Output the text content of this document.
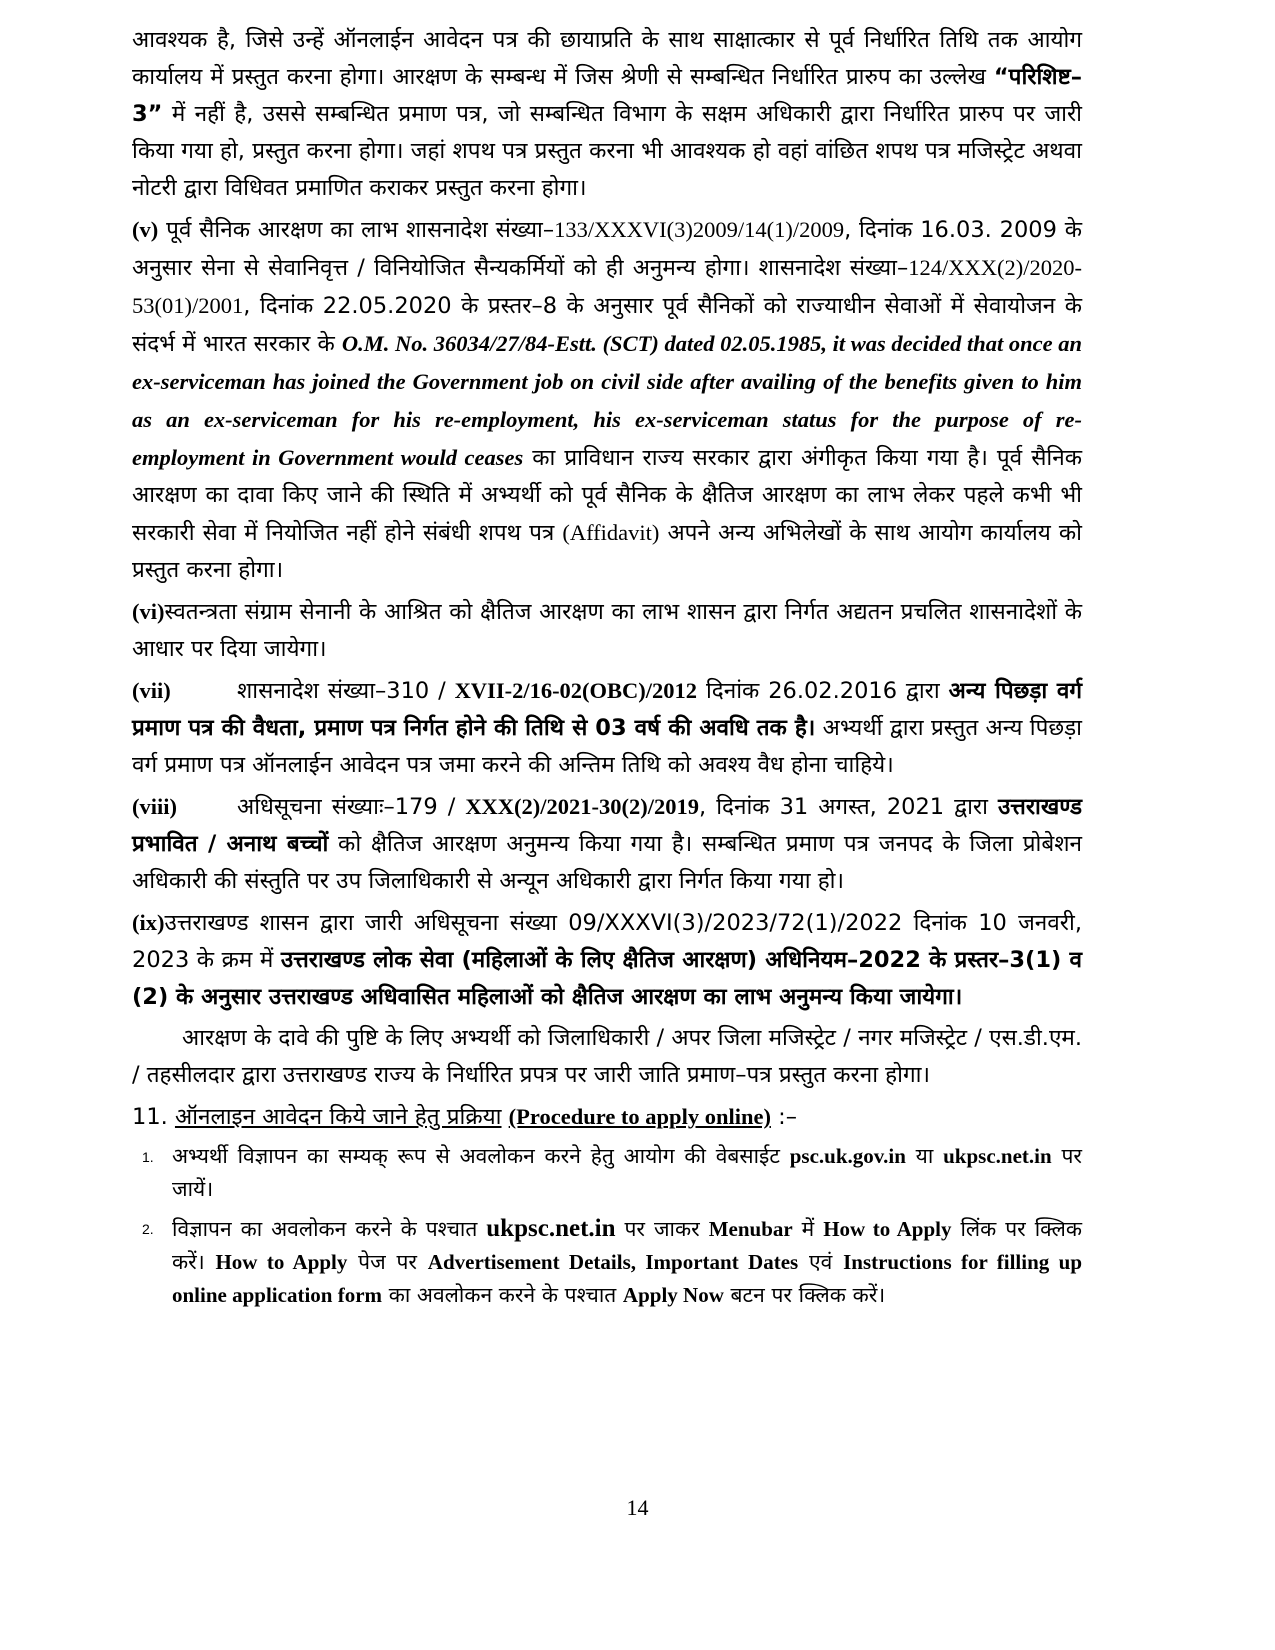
आवश्यक है, जिसे उन्हें ऑनलाईन आवेदन पत्र की छायाप्रति के साथ साक्षात्कार से पूर्व निर्धारित तिथि तक आयोग कार्यालय में प्रस्तुत करना होगा। आरक्षण के सम्बन्ध में जिस श्रेणी से सम्बन्धित निर्धारित प्रारुप का उल्लेख “परिशिष्ट–3” में नहीं है, उससे सम्बन्धित प्रमाण पत्र, जो सम्बन्धित विभाग के सक्षम अधिकारी द्वारा निर्धारित प्रारुप पर जारी किया गया हो, प्रस्तुत करना होगा। जहां शपथ पत्र प्रस्तुत करना भी आवश्यक हो वहां वांछित शपथ पत्र मजिस्ट्रेट अथवा नोटरी द्वारा विधिवत प्रमाणित कराकर प्रस्तुत करना होगा।

(v) पूर्व सैनिक आरक्षण का लाभ शासनादेश संख्या–133/XXXVI(3)2009/14(1)/2009, दिनांक 16.03. 2009 के अनुसार सेना से सेवानिवृत्त / विनियोजित सैन्यकर्मियों को ही अनुमन्य होगा। शासनादेश संख्या–124/XXX(2)/2020-53(01)/2001, दिनांक 22.05.2020 के प्रस्तर–8 के अनुसार पूर्व सैनिकों को राज्याधीन सेवाओं में सेवायोजन के संदर्भ में भारत सरकार के O.M. No. 36034/27/84-Estt. (SCT) dated 02.05.1985, it was decided that once an ex-serviceman has joined the Government job on civil side after availing of the benefits given to him as an ex-serviceman for his re-employment, his ex-serviceman status for the purpose of re-employment in Government would ceases का प्राविधान राज्य सरकार द्वारा अंगीकृत किया गया है। पूर्व सैनिक आरक्षण का दावा किए जाने की स्थिति में अभ्यर्थी को पूर्व सैनिक के क्षैतिज आरक्षण का लाभ लेकर पहले कभी भी सरकारी सेवा में नियोजित नहीं होने संबंधी शपथ पत्र (Affidavit) अपने अन्य अभिलेखों के साथ आयोग कार्यालय को प्रस्तुत करना होगा।

(vi)स्वतन्त्रता संग्राम सेनानी के आश्रित को क्षैतिज आरक्षण का लाभ शासन द्वारा निर्गत अद्यतन प्रचलित शासनादेशों के आधार पर दिया जायेगा।

(vii)	शासनादेश संख्या–310 / XVII-2/16-02(OBC)/2012 दिनांक 26.02.2016 द्वारा अन्य पिछड़ा वर्ग प्रमाण पत्र की वैधता, प्रमाण पत्र निर्गत होने की तिथि से 03 वर्ष की अवधि तक है। अभ्यर्थी द्वारा प्रस्तुत अन्य पिछड़ा वर्ग प्रमाण पत्र ऑनलाईन आवेदन पत्र जमा करने की अन्तिम तिथि को अवश्य वैध होना चाहिये।

(viii)	अधिसूचना संख्याः–179 / XXX(2)/2021-30(2)/2019, दिनांक 31 अगस्त, 2021 द्वारा उत्तराखण्ड प्रभावित / अनाथ बच्चों को क्षैतिज आरक्षण अनुमन्य किया गया है। सम्बन्धित प्रमाण पत्र जनपद के जिला प्रोबेशन अधिकारी की संस्तुति पर उप जिलाधिकारी से अन्यून अधिकारी द्वारा निर्गत किया गया हो।

(ix)उत्तराखण्ड शासन द्वारा जारी अधिसूचना संख्या 09/XXXVI(3)/2023/72(1)/2022 दिनांक 10 जनवरी, 2023 के क्रम में उत्तराखण्ड लोक सेवा (महिलाओं के लिए क्षैतिज आरक्षण) अधिनियम–2022 के प्रस्तर–3(1) व (2) के अनुसार उत्तराखण्ड अधिवासित महिलाओं को क्षैतिज आरक्षण का लाभ अनुमन्य किया जायेगा।

आरक्षण के दावे की पुष्टि के लिए अभ्यर्थी को जिलाधिकारी / अपर जिला मजिस्ट्रेट / नगर मजिस्ट्रेट / एस.डी.एम. / तहसीलदार द्वारा उत्तराखण्ड राज्य के निर्धारित प्रपत्र पर जारी जाति प्रमाण–पत्र प्रस्तुत करना होगा।

11. ऑनलाइन आवेदन किये जाने हेतु प्रक्रिया (Procedure to apply online) :–

1. अभ्यर्थी विज्ञापन का सम्यक् रूप से अवलोकन करने हेतु आयोग की वेबसाईट psc.uk.gov.in या ukpsc.net.in पर जायें।
2. विज्ञापन का अवलोकन करने के पश्चात ukpsc.net.in पर जाकर Menubar में How to Apply लिंक पर क्लिक करें। How to Apply पेज पर Advertisement Details, Important Dates एवं Instructions for filling up online application form का अवलोकन करने के पश्चात Apply Now बटन पर क्लिक करें।
14
